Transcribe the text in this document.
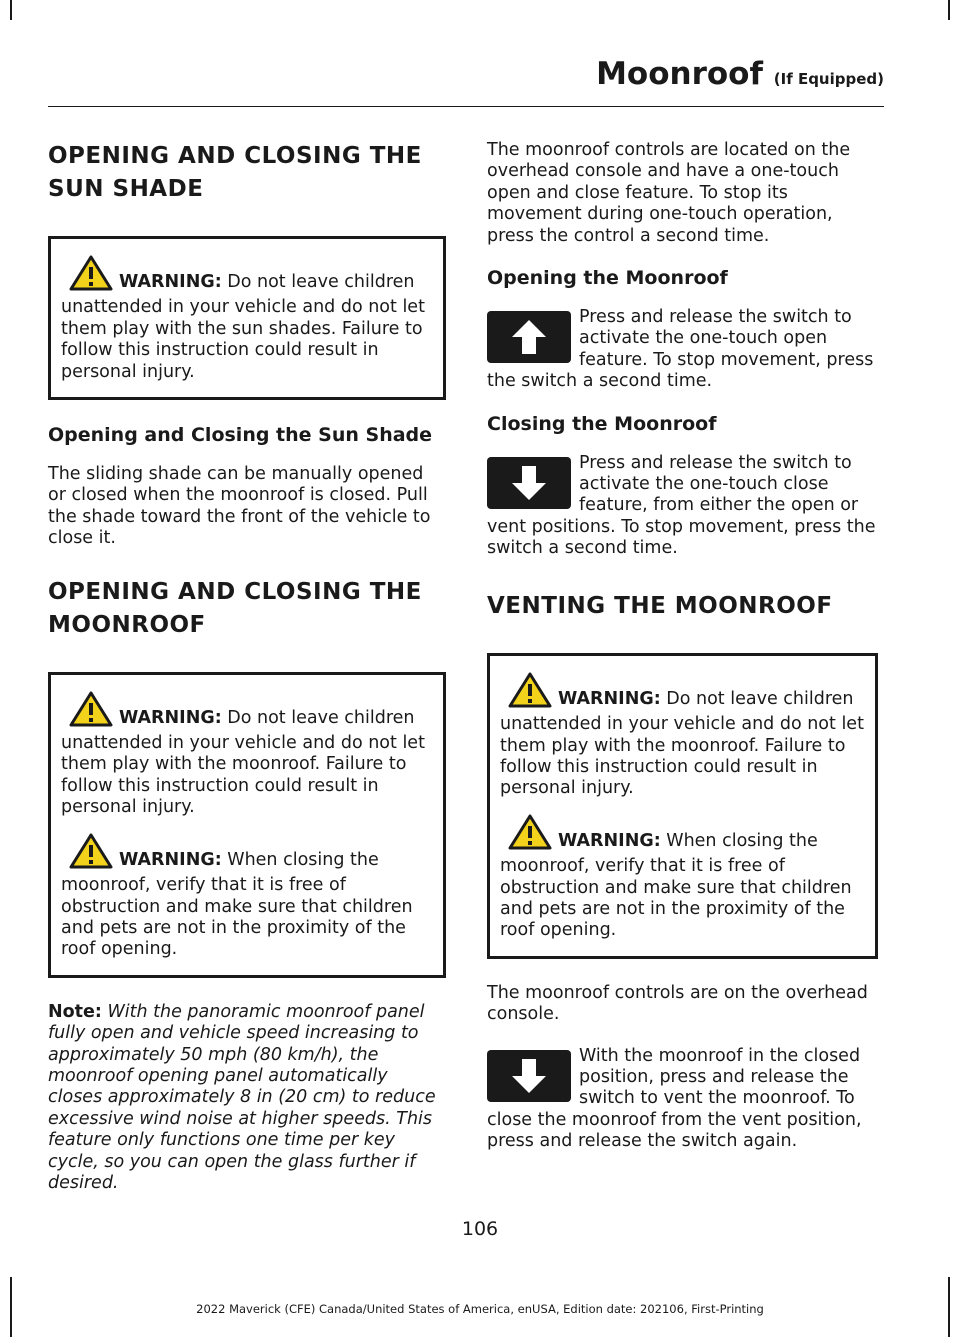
Moonroof (If Equipped)
OPENING AND CLOSING THE
SUN SHADE
WARNING: Do not leave children unattended in your vehicle and do not let them play with the sun shades. Failure to follow this instruction could result in personal injury.
Opening and Closing the Sun Shade

The sliding shade can be manually opened or closed when the moonroof is closed. Pull the shade toward the front of the vehicle to close it.

OPENING AND CLOSING THE
MOONROOF
WARNING: Do not leave children unattended in your vehicle and do not let them play with the moonroof. Failure to follow this instruction could result in personal injury.
WARNING: When closing the moonroof, verify that it is free of obstruction and make sure that children and pets are not in the proximity of the roof opening.

Note: With the panoramic moonroof panel fully open and vehicle speed increasing to approximately 50 mph (80 km/h), the moonroof opening panel automatically closes approximately 8 in (20 cm) to reduce excessive wind noise at higher speeds. This feature only functions one time per key cycle, so you can open the glass further if desired.

The moonroof controls are located on the overhead console and have a one-touch open and close feature. To stop its movement during one-touch operation, press the control a second time.

Opening the Moonroof
Press and release the switch to activate the one-touch open feature. To stop movement, press the switch a second time.
Closing the Moonroof
Press and release the switch to activate the one-touch close feature, from either the open or vent positions. To stop movement, press the switch a second time.
VENTING THE MOONROOF
WARNING: Do not leave children unattended in your vehicle and do not let them play with the moonroof. Failure to follow this instruction could result in personal injury.
WARNING: When closing the moonroof, verify that it is free of obstruction and make sure that children and pets are not in the proximity of the roof opening.

The moonroof controls are on the overhead console.

With the moonroof in the closed position, press and release the switch to vent the moonroof. To close the moonroof from the vent position, press and release the switch again.
106
2022 Maverick (CFE) Canada/United States of America, enUSA, Edition date: 202106, First-Printing
